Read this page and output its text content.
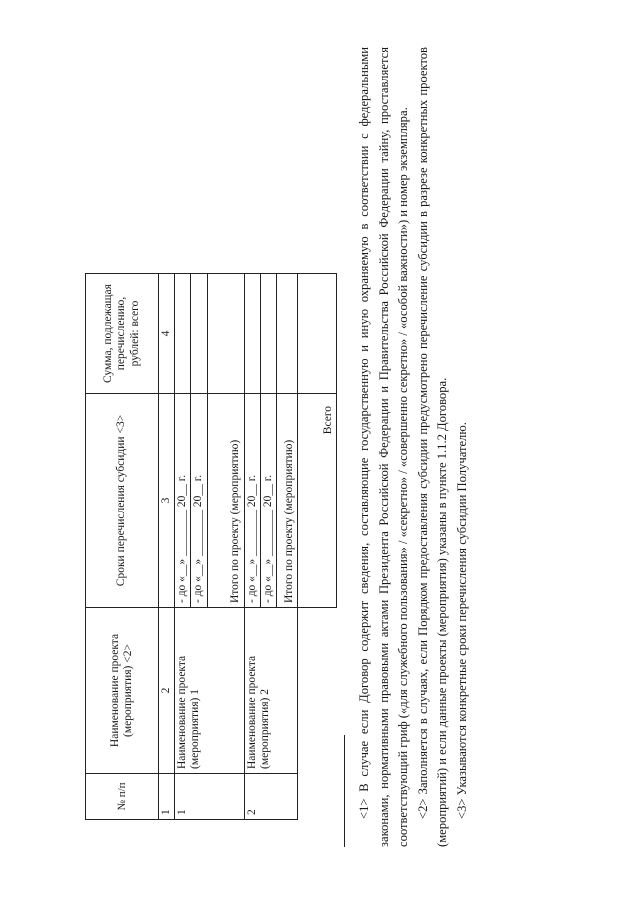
№ п/п	Наименование проекта (мероприятия) <2>	Сроки перечисления субсидии <3>	Сумма, подлежащая перечислению, рублей: всего
1	2	3	4
1	Наименование проекта (мероприятия) 1	- до «__» ________ 20__ г.	
		- до «__» ________ 20__ г.	
		Итого по проекту (мероприятию)	
2	Наименование проекта (мероприятия) 2	- до «__» ________ 20__ г.	
		- до «__» ________ 20__ г.	
		Итого по проекту (мероприятию)	
		Всего	<1> В случае если Договор содержит сведения, составляющие государственную и иную охраняемую в соответствии с федеральными законами, нормативными правовыми актами Президента Российской Федерации и Правительства Российской Федерации тайну, проставляется соответствующий гриф («для служебного пользования» / «секретно» / «совершенно секретно» / «особой важности») и номер экземпляра. <2> Заполняется в случаях, если Порядком предоставления субсидии предусмотрено перечисление субсидии в разрезе конкретных проектов (мероприятий) и если данные проекты (мероприятия) указаны в пункте 1.1.2 Договора. <3> Указываются конкретные сроки перечисления субсидии Получателю.
